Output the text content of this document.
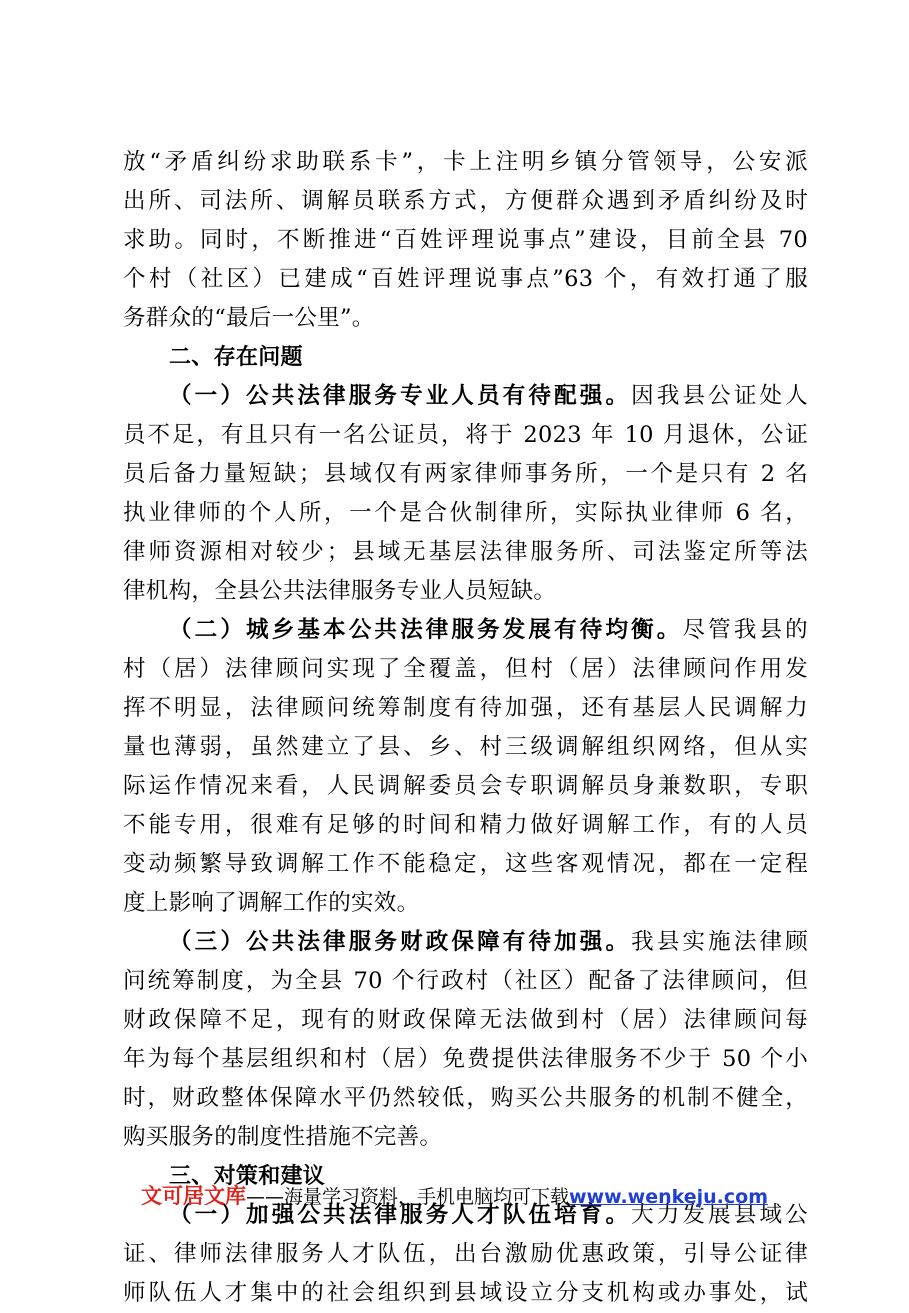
放“矛盾纠纷求助联系卡”，卡上注明乡镇分管领导，公安派
出所、司法所、调解员联系方式，方便群众遇到矛盾纠纷及时
求助。同时，不断推进“百姓评理说事点”建设，目前全县 70
个村（社区）已建成“百姓评理说事点”63 个，有效打通了服
务群众的“最后一公里”。
二、存在问题
（一）公共法律服务专业人员有待配强。因我县公证处人
员不足，有且只有一名公证员，将于 2023 年 10 月退休，公证
员后备力量短缺；县域仅有两家律师事务所，一个是只有 2 名
执业律师的个人所，一个是合伙制律所，实际执业律师 6 名，
律师资源相对较少；县域无基层法律服务所、司法鉴定所等法
律机构，全县公共法律服务专业人员短缺。
（二）城乡基本公共法律服务发展有待均衡。尽管我县的
村（居）法律顾问实现了全覆盖，但村（居）法律顾问作用发
挥不明显，法律顾问统筹制度有待加强，还有基层人民调解力
量也薄弱，虽然建立了县、乡、村三级调解组织网络，但从实
际运作情况来看，人民调解委员会专职调解员身兼数职，专职
不能专用，很难有足够的时间和精力做好调解工作，有的人员
变动频繁导致调解工作不能稳定，这些客观情况，都在一定程
度上影响了调解工作的实效。
（三）公共法律服务财政保障有待加强。我县实施法律顾
问统筹制度，为全县 70 个行政村（社区）配备了法律顾问，但
财政保障不足，现有的财政保障无法做到村（居）法律顾问每
年为每个基层组织和村（居）免费提供法律服务不少于 50 个小
时，财政整体保障水平仍然较低，购买公共服务的机制不健全，
购买服务的制度性措施不完善。
三、对策和建议
（一）加强公共法律服务人才队伍培育。大力发展县域公
证、律师法律服务人才队伍，出台激励优惠政策，引导公证律
师队伍人才集中的社会组织到县域设立分支机构或办事处，试
文可居文库——海量学习资料，手机电脑均可下载www.wenkeju.com
